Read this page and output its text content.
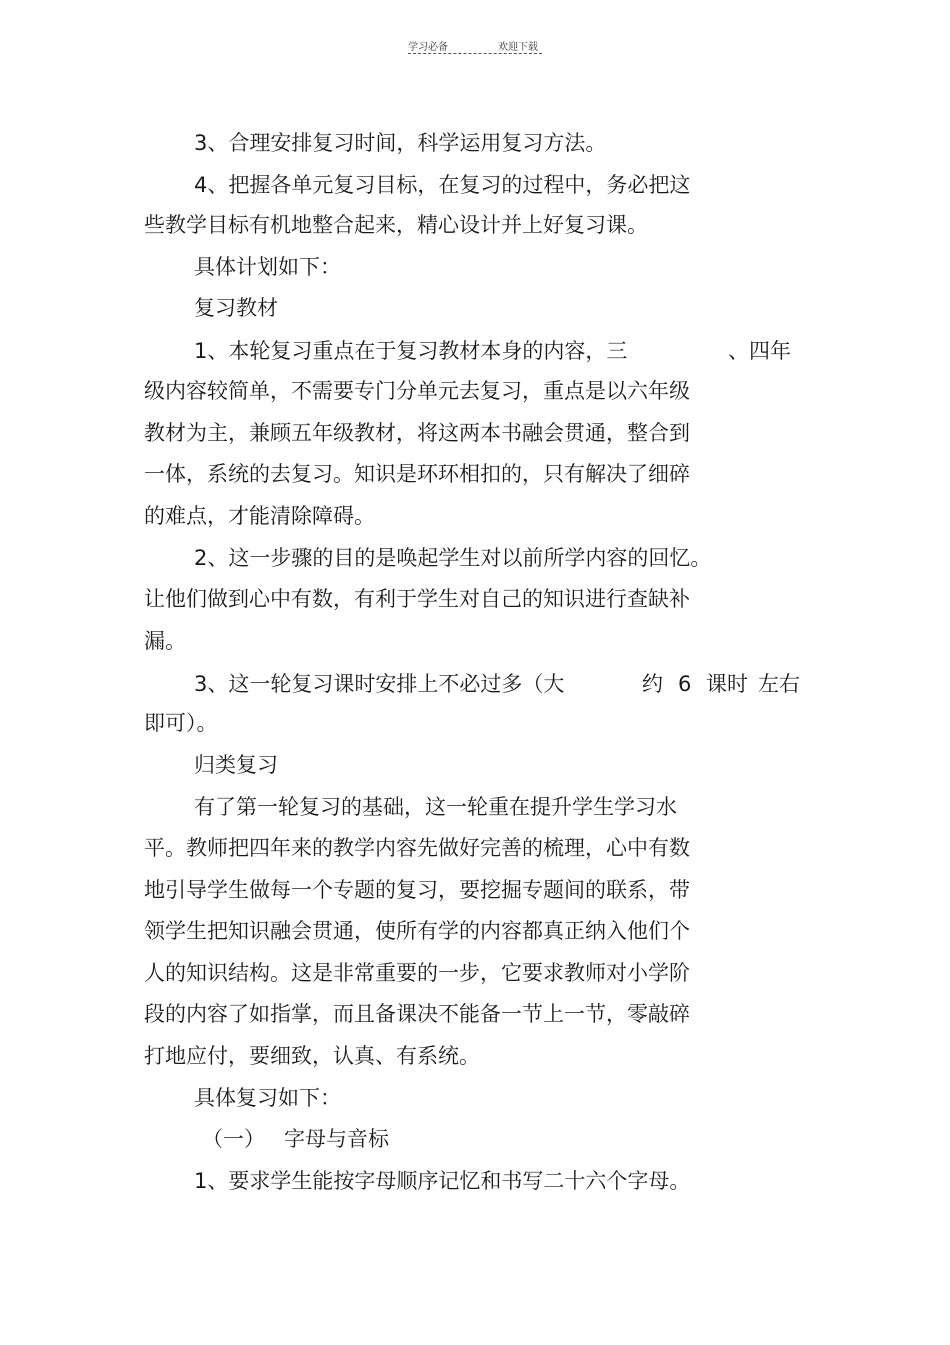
学习必备	欢迎下载
3、合理安排复习时间，科学运用复习方法。
4、把握各单元复习目标，在复习的过程中，务必把这
些教学目标有机地整合起来，精心设计并上好复习课。
具体计划如下：
复习教材
1、本轮复习重点在于复习教材本身的内容，三	、四年
级内容较简单，不需要专门分单元去复习，重点是以六年级
教材为主，兼顾五年级教材，将这两本书融会贯通，整合到
一体，系统的去复习。知识是环环相扣的，只有解决了细碎
的难点，才能清除障碍。
2、这一步骤的目的是唤起学生对以前所学内容的回忆。
让他们做到心中有数，有利于学生对自己的知识进行查缺补
漏。
3、这一轮复习课时安排上不必过多（大	约 6 课时 左右
即可）。
归类复习
有了第一轮复习的基础，这一轮重在提升学生学习水
平。教师把四年来的教学内容先做好完善的梳理，心中有数
地引导学生做每一个专题的复习，要挖掘专题间的联系，带
领学生把知识融会贯通，使所有学的内容都真正纳入他们个
人的知识结构。这是非常重要的一步，它要求教师对小学阶
段的内容了如指掌，而且备课决不能备一节上一节，零敲碎
打地应付，要细致，认真、有系统。
具体复习如下：
（一） 字母与音标
1、要求学生能按字母顺序记忆和书写二十六个字母。
